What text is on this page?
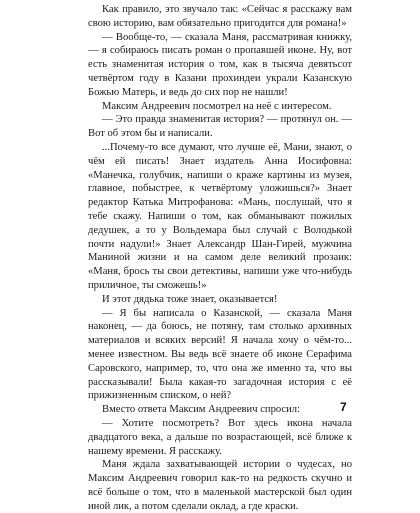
Как правило, это звучало так: «Сейчас я расскажу вам свою историю, вам обязательно пригодится для романа!»

— Вообще-то, — сказала Маня, рассматривая книжку, — я собираюсь писать роман о пропавшей иконе. Ну, вот есть знаменитая история о том, как в тысяча девятьсот четвёртом году в Казани прохиндеи украли Казанскую Божью Матерь, и ведь до сих пор не нашли!

Максим Андреевич посмотрел на неё с интересом.

— Это правда знаменитая история? — протянул он. — Вот об этом бы и написали.

...Почему-то все думают, что лучше её, Мани, знают, о чём ей писать! Знает издатель Анна Иосифовна: «Манечка, голубчик, напиши о краже картины из музея, главное, побыстрее, к четвёртому уложишься?» Знает редактор Катька Митрофанова: «Мань, послушай, что я тебе скажу. Напиши о том, как обманывают пожилых дедушек, а то у Вольдемара был случай с Володькой почти надули!» Знает Александр Шан-Гирей, мужчина Маниной жизни и на самом деле великий прозаик: «Маня, брось ты свои детективы, напиши уже что-нибудь приличное, ты сможешь!»

И этот дядька тоже знает, оказывается!

— Я бы написала о Казанской, — сказала Маня наконец, — да боюсь, не потяну, там столько архивных материалов и всяких версий! Я начала хочу о чём-то... менее известном. Вы ведь всё знаете об иконе Серафима Саровского, например, то, что она же именно та, что вы рассказывали! Была какая-то загадочная история с её прижизненным списком, о ней?

Вместо ответа Максим Андреевич спросил:

— Хотите посмотреть? Вот здесь икона начала двадцатого века, а дальше по возрастающей, всё ближе к нашему времени. Я расскажу.

Маня ждала захватывающей истории о чудесах, но Максим Андреевич говорил как-то на редкость скучно и всё больше о том, что в маленькой мастерской был один иной лик, а потом сделали оклад, а где краски.

7
